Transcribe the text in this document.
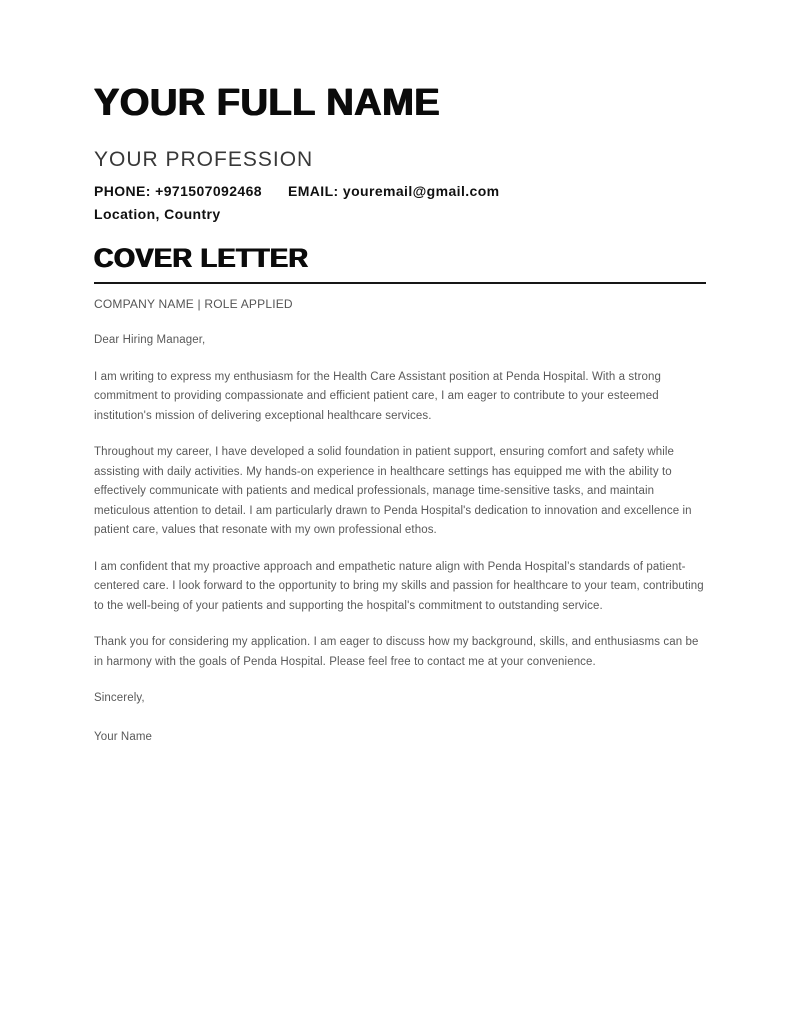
YOUR FULL NAME
YOUR PROFESSION
PHONE: +971507092468 EMAIL: youremail@gmail.com
Location, Country
COVER LETTER
COMPANY NAME | ROLE APPLIED

Dear Hiring Manager,

I am writing to express my enthusiasm for the Health Care Assistant position at Penda Hospital. With a strong commitment to providing compassionate and efficient patient care, I am eager to contribute to your esteemed institution's mission of delivering exceptional healthcare services.

Throughout my career, I have developed a solid foundation in patient support, ensuring comfort and safety while assisting with daily activities. My hands-on experience in healthcare settings has equipped me with the ability to effectively communicate with patients and medical professionals, manage time-sensitive tasks, and maintain meticulous attention to detail. I am particularly drawn to Penda Hospital's dedication to innovation and excellence in patient care, values that resonate with my own professional ethos.

I am confident that my proactive approach and empathetic nature align with Penda Hospital’s standards of patient-centered care. I look forward to the opportunity to bring my skills and passion for healthcare to your team, contributing to the well-being of your patients and supporting the hospital's commitment to outstanding service.

Thank you for considering my application. I am eager to discuss how my background, skills, and enthusiasms can be in harmony with the goals of Penda Hospital. Please feel free to contact me at your convenience.

Sincerely,

Your Name
